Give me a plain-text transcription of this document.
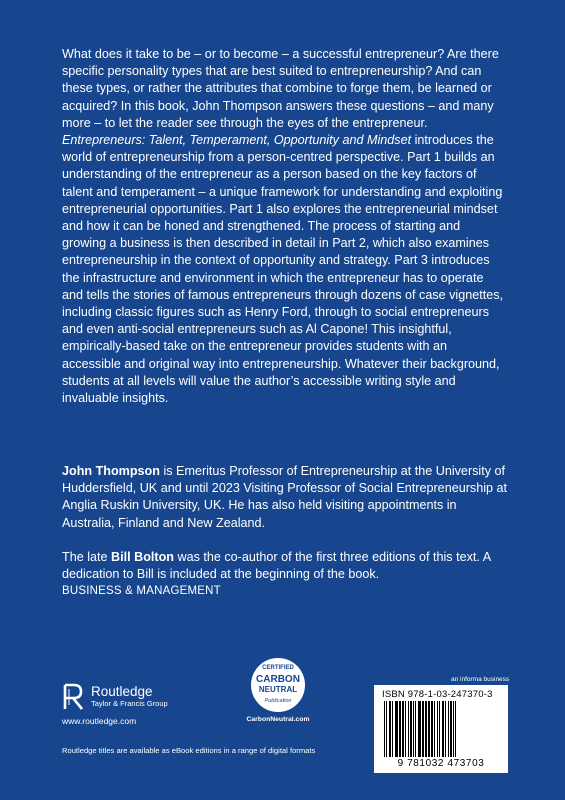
What does it take to be – or to become – a successful entrepreneur? Are there specific personality types that are best suited to entrepreneurship? And can these types, or rather the attributes that combine to forge them, be learned or acquired? In this book, John Thompson answers these questions – and many more – to let the reader see through the eyes of the entrepreneur. Entrepreneurs: Talent, Temperament, Opportunity and Mindset introduces the world of entrepreneurship from a person-centred perspective. Part 1 builds an understanding of the entrepreneur as a person based on the key factors of talent and temperament – a unique framework for understanding and exploiting entrepreneurial opportunities. Part 1 also explores the entrepreneurial mindset and how it can be honed and strengthened. The process of starting and growing a business is then described in detail in Part 2, which also examines entrepreneurship in the context of opportunity and strategy. Part 3 introduces the infrastructure and environment in which the entrepreneur has to operate and tells the stories of famous entrepreneurs through dozens of case vignettes, including classic figures such as Henry Ford, through to social entrepreneurs and even anti-social entrepreneurs such as Al Capone! This insightful, empirically-based take on the entrepreneur provides students with an accessible and original way into entrepreneurship. Whatever their background, students at all levels will value the author’s accessible writing style and invaluable insights.

John Thompson is Emeritus Professor of Entrepreneurship at the University of Huddersfield, UK and until 2023 Visiting Professor of Social Entrepreneurship at Anglia Ruskin University, UK. He has also held visiting appointments in Australia, Finland and New Zealand.

The late Bill Bolton was the co-author of the first three editions of this text. A dedication to Bill is included at the beginning of the book.

BUSINESS & MANAGEMENT
Routledge
Taylor & Francis Group
www.routledge.com
Routledge titles are available as eBook editions in a range of digital formats
CERTIFIED
CARBON
NEUTRAL
Publication
CarbonNeutral.com
an informa business
ISBN 978-1-03-247370-3
9 781032 473703
